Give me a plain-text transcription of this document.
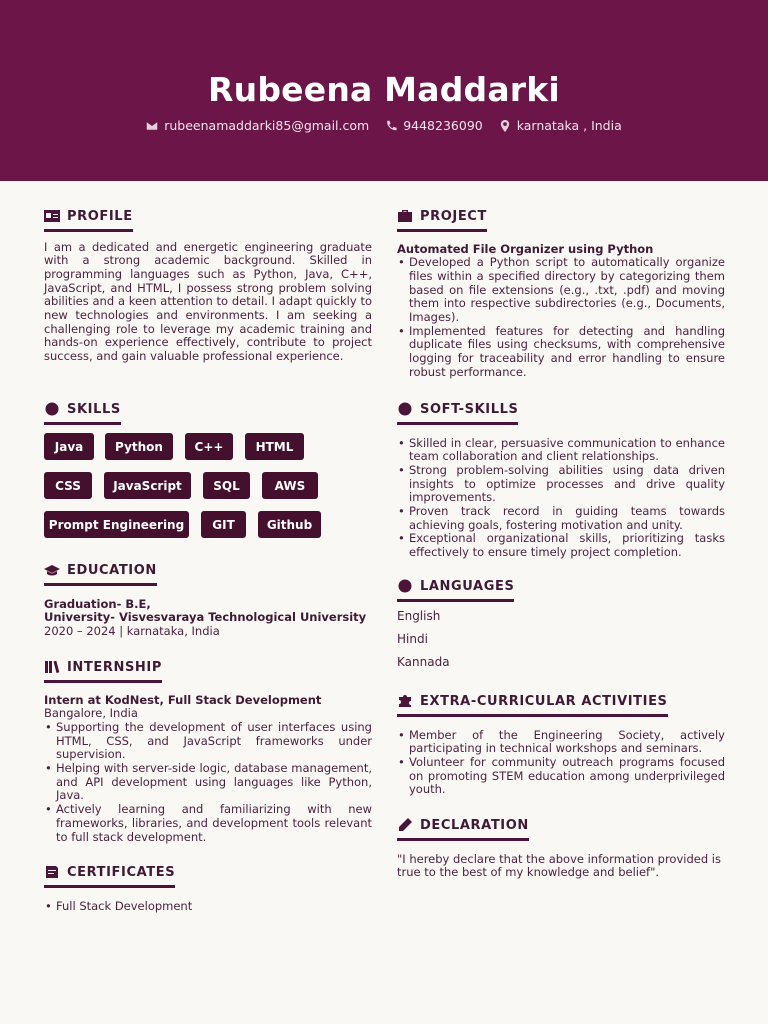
Rubeena Maddarki
rubeenamaddarki85@gmail.com	9448236090	karnataka , India
PROFILE
I am a dedicated and energetic engineering graduate with a strong academic background. Skilled in programming languages such as Python, Java, C++, JavaScript, and HTML, I possess strong problem solving abilities and a keen attention to detail. I adapt quickly to new technologies and environments. I am seeking a challenging role to leverage my academic training and hands-on experience effectively, contribute to project success, and gain valuable professional experience.
SKILLS
Java	Python	C++	HTML
CSS	JavaScript	SQL	AWS
Prompt Engineering	GIT	Github
EDUCATION
Graduation- B.E,
University- Visvesvaraya Technological University
2020 – 2024 | karnataka, India
INTERNSHIP
Intern at KodNest, Full Stack Development
Bangalore, India
• Supporting the development of user interfaces using HTML, CSS, and JavaScript frameworks under supervision.
• Helping with server-side logic, database management, and API development using languages like Python, Java.
• Actively learning and familiarizing with new frameworks, libraries, and development tools relevant to full stack development.
CERTIFICATES
• Full Stack Development
PROJECT
Automated File Organizer using Python
• Developed a Python script to automatically organize files within a specified directory by categorizing them based on file extensions (e.g., .txt, .pdf) and moving them into respective subdirectories (e.g., Documents, Images).
• Implemented features for detecting and handling duplicate files using checksums, with comprehensive logging for traceability and error handling to ensure robust performance.
SOFT-SKILLS
• Skilled in clear, persuasive communication to enhance team collaboration and client relationships.
• Strong problem-solving abilities using data driven insights to optimize processes and drive quality improvements.
• Proven track record in guiding teams towards achieving goals, fostering motivation and unity.
• Exceptional organizational skills, prioritizing tasks effectively to ensure timely project completion.
LANGUAGES
English
Hindi
Kannada
EXTRA-CURRICULAR ACTIVITIES
• Member of the Engineering Society, actively participating in technical workshops and seminars.
• Volunteer for community outreach programs focused on promoting STEM education among underprivileged youth.
DECLARATION
"I hereby declare that the above information provided is true to the best of my knowledge and belief".
